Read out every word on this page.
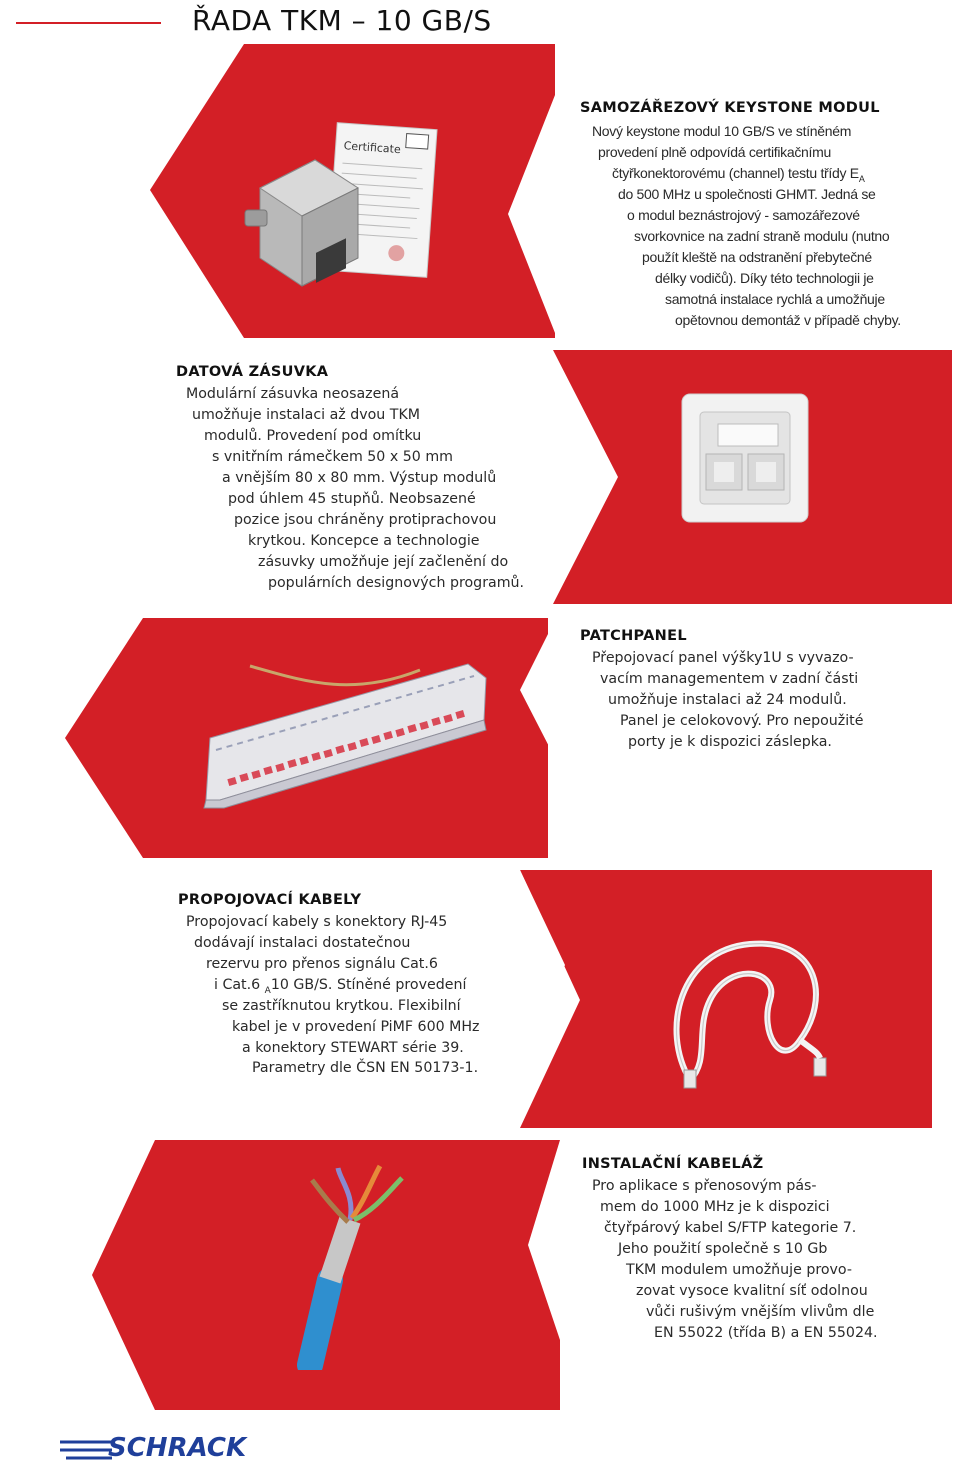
ŘADA TKM – 10 GB/S
Certificate
SAMOZÁŘEZOVÝ KEYSTONE MODUL
Nový keystone modul 10 GB/S ve stíněném
provedení plně odpovídá certifikačnímu
čtyřkonektorovému (channel) testu třídy $E_A$
do 500 MHz u společnosti GHMT. Jedná se
o modul beznástrojový - samozářezové
svorkovnice na zadní straně modulu (nutno
použít kleště na odstranění přebytečné
délky vodičů). Díky této technologii je
samotná instalace rychlá a umožňuje
opětovnou demontáž v případě chyby.
DATOVÁ ZÁSUVKA
Modulární zásuvka neosazená
umožňuje instalaci až dvou TKM
modulů. Provedení pod omítku
s vnitřním rámečkem 50 x 50 mm
a vnějším 80 x 80 mm. Výstup modulů
pod úhlem 45 stupňů. Neobsazené
pozice jsou chráněny protiprachovou
krytkou. Koncepce a technologie
zásuvky umožňuje její začlenění do
populárních designových programů.
PATCHPANEL
Přepojovací panel výšky1U s vyvazo-
vacím managementem v zadní části
umožňuje instalaci až 24 modulů.
Panel je celokovový. Pro nepoužité
porty je k dispozici záslepka.
PROPOJOVACÍ KABELY
Propojovací kabely s konektory RJ-45
dodávají instalaci dostatečnou
rezervu pro přenos signálu Cat.6
i Cat.6 $_A$10 GB/S. Stíněné provedení
se zastříknutou krytkou. Flexibilní
kabel je v provedení PiMF 600 MHz
a konektory STEWART série 39.
Parametry dle ČSN EN 50173-1.
INSTALAČNÍ KABELÁŽ
Pro aplikace s přenosovým pás-
mem do 1000 MHz je k dispozici
čtyřpárový kabel S/FTP kategorie 7.
Jeho použití společně s 10 Gb
TKM modulem umožňuje provo-
zovat vysoce kvalitní síť odolnou
vůči rušivým vnějším vlivům dle
EN 55022 (třída B) a EN 55024.
SCHRACK
